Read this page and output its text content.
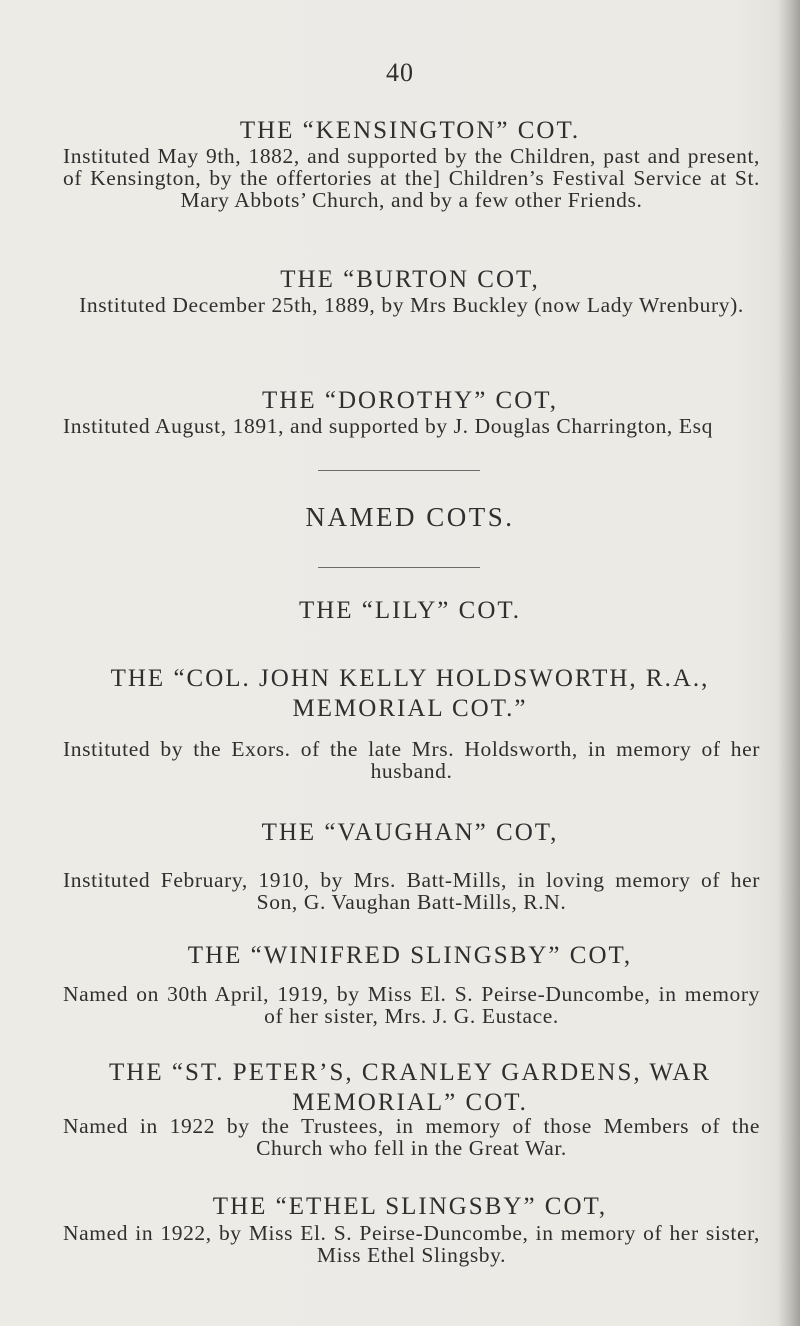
40
THE “KENSINGTON” COT.
Instituted May 9th, 1882, and supported by the Children, past and present, of Kensington, by the offertories at the] Children’s Festival Service at St. Mary Abbots’ Church, and by a few other Friends.
THE “BURTON COT,
Instituted December 25th, 1889, by Mrs Buckley (now Lady Wrenbury).
THE “DOROTHY” COT,
Instituted August, 1891, and supported by J. Douglas Charrington, Esq
NAMED COTS.
THE “LILY” COT.
THE “COL. JOHN KELLY HOLDSWORTH, R.A., MEMORIAL COT.”
Instituted by the Exors. of the late Mrs. Holdsworth, in memory of her husband.
THE “VAUGHAN” COT,
Instituted February, 1910, by Mrs. Batt-Mills, in loving memory of her Son, G. Vaughan Batt-Mills, R.N.
THE “WINIFRED SLINGSBY” COT,
Named on 30th April, 1919, by Miss El. S. Peirse-Duncombe, in memory of her sister, Mrs. J. G. Eustace.
THE “ST. PETER’S, CRANLEY GARDENS, WAR MEMORIAL” COT.
Named in 1922 by the Trustees, in memory of those Members of the Church who fell in the Great War.
THE “ETHEL SLINGSBY” COT,
Named in 1922, by Miss El. S. Peirse-Duncombe, in memory of her sister, Miss Ethel Slingsby.
